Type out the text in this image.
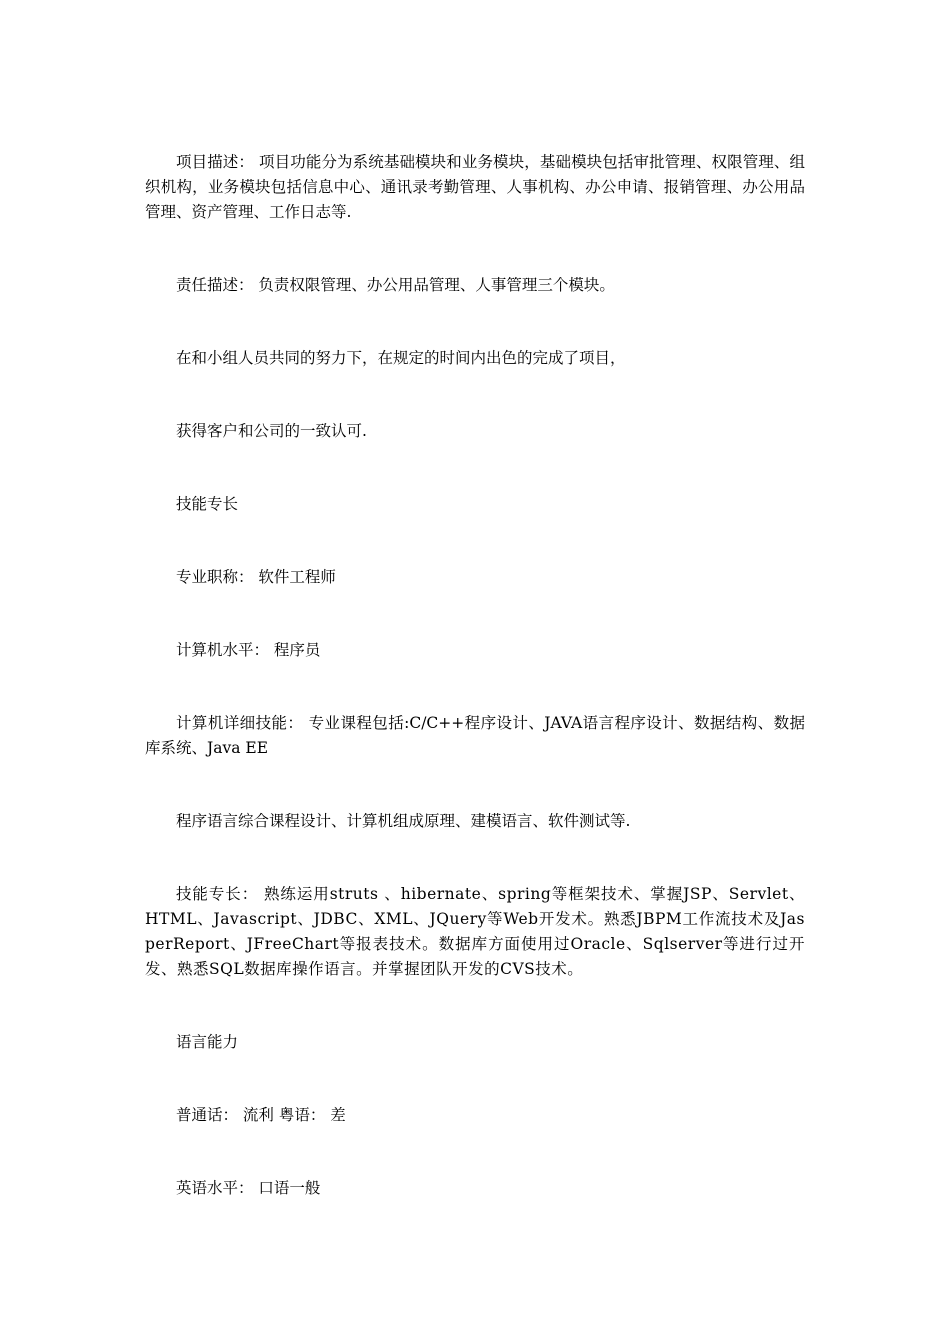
项目描述： 项目功能分为系统基础模块和业务模块，基础模块包括审批管理、权限管理、组织机构，业务模块包括信息中心、通讯录考勤管理、人事机构、办公申请、报销管理、办公用品管理、资产管理、工作日志等.

责任描述： 负责权限管理、办公用品管理、人事管理三个模块。

在和小组人员共同的努力下，在规定的时间内出色的完成了项目，

获得客户和公司的一致认可.

技能专长

专业职称： 软件工程师

计算机水平： 程序员

计算机详细技能： 专业课程包括:C/C++程序设计、JAVA语言程序设计、数据结构、数据库系统、Java EE

程序语言综合课程设计、计算机组成原理、建模语言、软件测试等.

技能专长： 熟练运用struts 、hibernate、spring等框架技术、掌握JSP、Servlet、HTML、Javascript、JDBC、XML、JQuery等Web开发术。熟悉JBPM工作流技术及JasperReport、JFreeChart等报表技术。数据库方面使用过Oracle、Sqlserver等进行过开发、熟悉SQL数据库操作语言。并掌握团队开发的CVS技术。

语言能力

普通话： 流利 粤语： 差

英语水平： 口语一般
